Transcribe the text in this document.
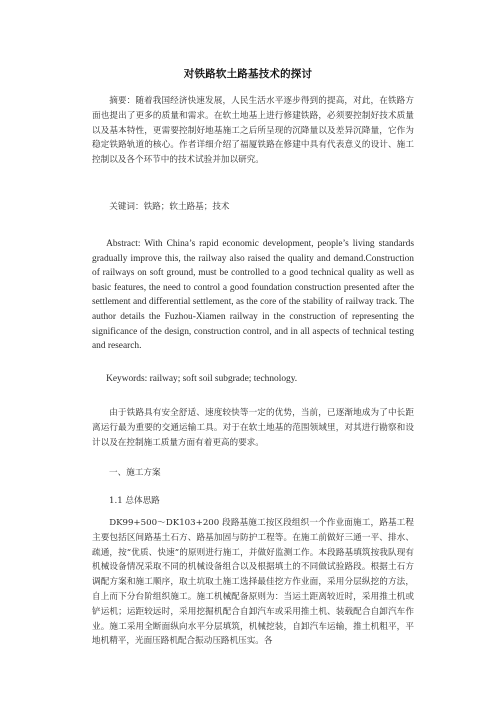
对铁路软土路基技术的探讨

摘要：随着我国经济快速发展，人民生活水平逐步得到的提高，对此，在铁路方面也提出了更多的质量和需求。在软土地基上进行修建铁路，必须要控制好技术质量以及基本特性，更需要控制好地基施工之后所呈现的沉降量以及差异沉降量，它作为稳定铁路轨道的核心。作者详细介绍了福厦铁路在修建中具有代表意义的设计、施工控制以及各个环节中的技术试验并加以研究。

关键词：铁路；软土路基；技术

Abstract: With China’s rapid economic development, people’s living standards gradually improve this, the railway also raised the quality and demand.Construction of railways on soft ground, must be controlled to a good technical quality as well as basic features, the need to control a good foundation construction presented after the settlement and differential settlement, as the core of the stability of railway track. The author details the Fuzhou-Xiamen railway in the construction of representing the significance of the design, construction control, and in all aspects of technical testing and research.

Keywords: railway; soft soil subgrade; technology.

由于铁路具有安全舒适、速度较快等一定的优势，当前，已逐渐地成为了中长距离运行最为重要的交通运输工具。对于在软土地基的范围领域里，对其进行勘察和设计以及在控制施工质量方面有着更高的要求。

一、施工方案

1.1 总体思路

DK99+500～DK103+200 段路基施工按区段组织一个作业面施工，路基工程主要包括区间路基土石方、路基加固与防护工程等。在施工前做好三通一平、排水、疏通，按“优质、快速”的原则进行施工，并做好监测工作。本段路基填筑按我队现有机械设备情况采取不同的机械设备组合以及根据填土的不同做试验路段。根据土石方调配方案和施工顺序，取土坑取土施工选择最佳挖方作业面，采用分层纵挖的方法，自上而下分台阶组织施工。施工机械配备原则为：当运土距离较近时，采用推土机或铲运机；运距较远时，采用挖掘机配合自卸汽车或采用推土机、装载配合自卸汽车作业。施工采用全断面纵向水平分层填筑，机械挖装，自卸汽车运输，推土机粗平，平地机精平，光面压路机配合振动压路机压实。各
